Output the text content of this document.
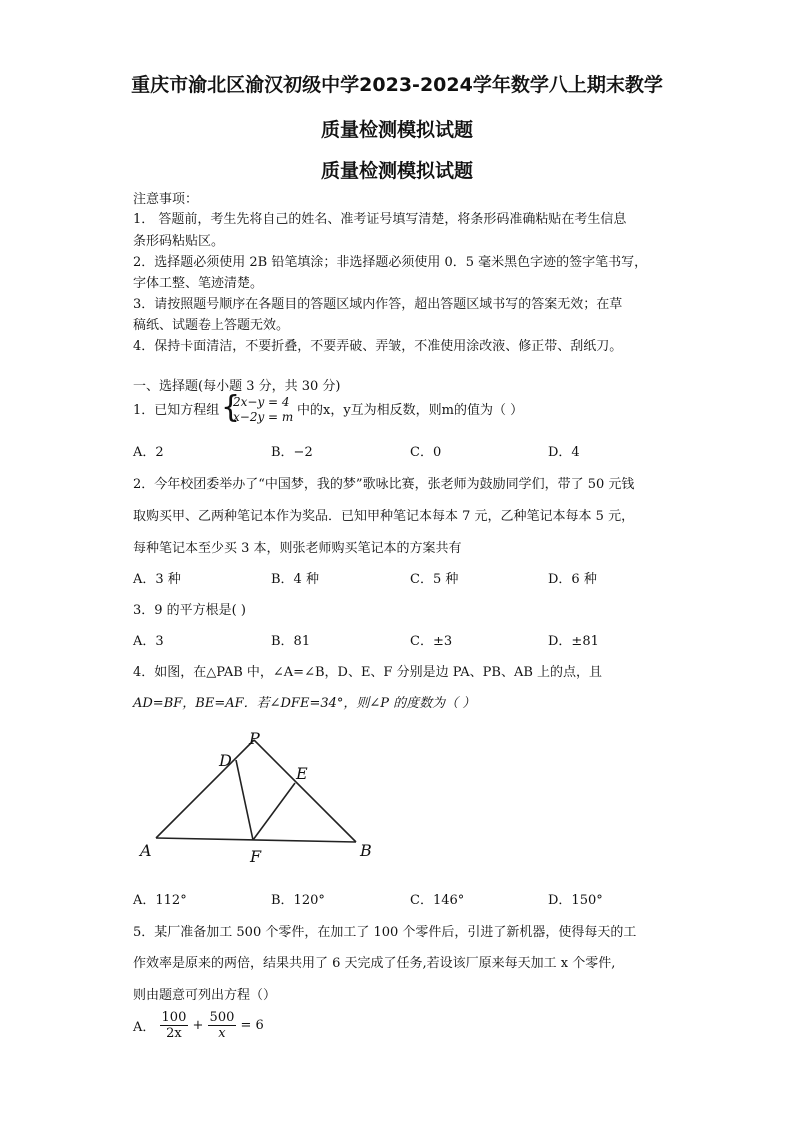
重庆市渝北区渝汉初级中学2023-2024学年数学八上期末教学
质量检测模拟试题
质量检测模拟试题
注意事项：
1． 答题前，考生先将自己的姓名、准考证号填写清楚，将条形码准确粘贴在考生信息
条形码粘贴区。
2．选择题必须使用 2B 铅笔填涂；非选择题必须使用 0．5 毫米黑色字迹的签字笔书写，
字体工整、笔迹清楚。
3．请按照题号顺序在各题目的答题区域内作答，超出答题区域书写的答案无效；在草
稿纸、试题卷上答题无效。
4．保持卡面清洁，不要折叠，不要弄破、弄皱，不准使用涂改液、修正带、刮纸刀。
一、选择题(每小题 3 分，共 30 分)
1．已知方程组 {
2x−y = 4
x−2y = m 中的x，y互为相反数，则m的值为（ ）
A．2	B．−2	C．0	D．4
2．今年校团委举办了“中国梦，我的梦”歌咏比赛，张老师为鼓励同学们，带了 50 元钱
取购买甲、乙两种笔记本作为奖品．已知甲种笔记本每本 7 元，乙种笔记本每本 5 元，
每种笔记本至少买 3 本，则张老师购买笔记本的方案共有
A．3 种	B．4 种	C．5 种	D．6 种
3．9 的平方根是( )
A．3	B．81	C．±3	D．±81
4．如图，在△PAB 中，∠A=∠B，D、E、F 分别是边 PA、PB、AB 上的点，且
AD=BF，BE=AF．若∠DFE=34°，则∠P 的度数为（ ）
P
D
E
A	F	B
A．112°	B．120°	C．146°	D．150°
5．某厂准备加工 500 个零件，在加工了 100 个零件后，引进了新机器，使得每天的工
作效率是原来的两倍，结果共用了 6 天完成了任务,若设该厂原来每天加工 x 个零件,
则由题意可列出方程（）
A． $\frac{100}{2x} + \frac{500}{x} = 6$
